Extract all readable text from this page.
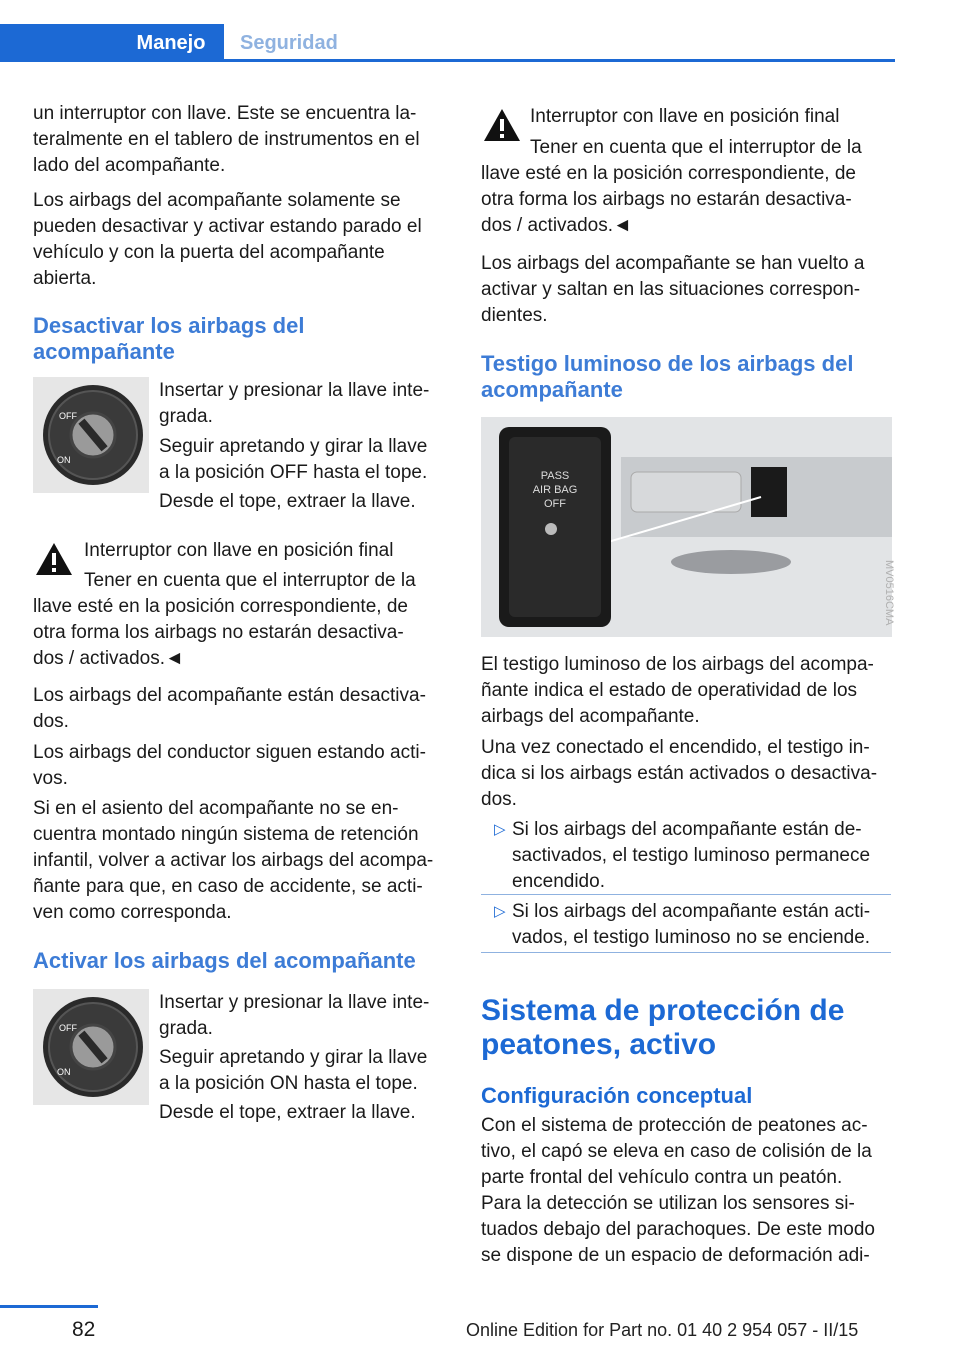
Manejo	Seguridad
un interruptor con llave. Este se encuentra la‐
teralmente en el tablero de instrumentos en el
lado del acompañante.
Los airbags del acompañante solamente se
pueden desactivar y activar estando parado el
vehículo y con la puerta del acompañante
abierta.
Desactivar los airbags del
acompañante
OFF
ON
Insertar y presionar la llave inte‐
grada.
Seguir apretando y girar la llave
a la posición OFF hasta el tope.
Desde el tope, extraer la llave.
Interruptor con llave en posición final
Tener en cuenta que el interruptor de la
llave esté en la posición correspondiente, de
otra forma los airbags no estarán desactiva‐
dos / activados.◄
Los airbags del acompañante están desactiva‐
dos.
Los airbags del conductor siguen estando acti‐
vos.
Si en el asiento del acompañante no se en‐
cuentra montado ningún sistema de retención
infantil, volver a activar los airbags del acompa‐
ñante para que, en caso de accidente, se acti‐
ven como corresponda.
Activar los airbags del acompañante
OFF
ON
Insertar y presionar la llave inte‐
grada.
Seguir apretando y girar la llave
a la posición ON hasta el tope.
Desde el tope, extraer la llave.
Interruptor con llave en posición final
Tener en cuenta que el interruptor de la
llave esté en la posición correspondiente, de
otra forma los airbags no estarán desactiva‐
dos / activados.◄
Los airbags del acompañante se han vuelto a
activar y saltan en las situaciones correspon‐
dientes.
Testigo luminoso de los airbags del
acompañante
PASS
AIR BAG
OFF
MV0516CMA
El testigo luminoso de los airbags del acompa‐
ñante indica el estado de operatividad de los
airbags del acompañante.
Una vez conectado el encendido, el testigo in‐
dica si los airbags están activados o desactiva‐
dos.
▷ Si los airbags del acompañante están de‐
sactivados, el testigo luminoso permanece
encendido.
▷ Si los airbags del acompañante están acti‐
vados, el testigo luminoso no se enciende.
Sistema de protección de
peatones, activo
Configuración conceptual
Con el sistema de protección de peatones ac‐
tivo, el capó se eleva en caso de colisión de la
parte frontal del vehículo contra un peatón.
Para la detección se utilizan los sensores si‐
tuados debajo del parachoques. De este modo
se dispone de un espacio de deformación adi‐
82	Online Edition for Part no. 01 40 2 954 057 - II/15
